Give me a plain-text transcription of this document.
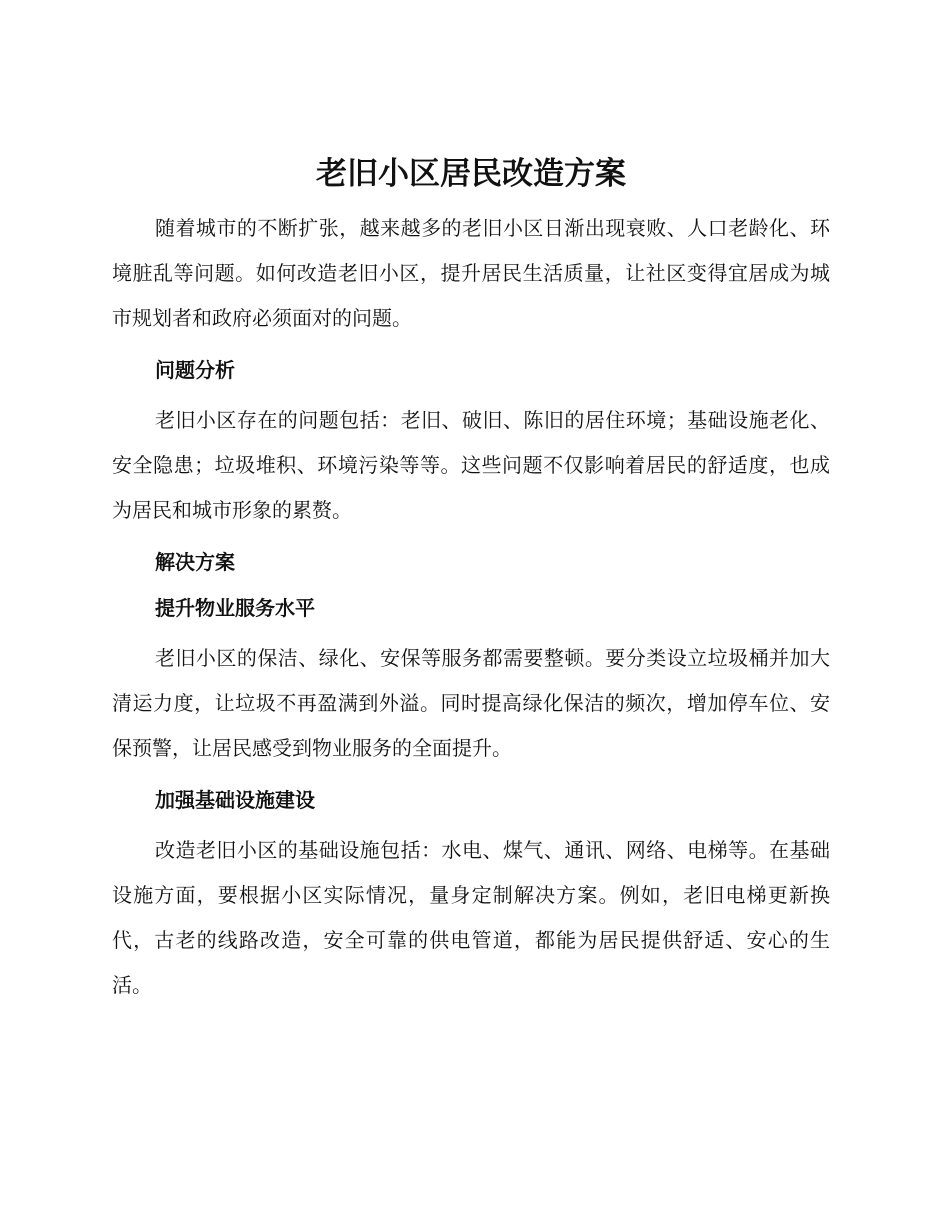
老旧小区居民改造方案

随着城市的不断扩张，越来越多的老旧小区日渐出现衰败、人口老龄化、环境脏乱等问题。如何改造老旧小区，提升居民生活质量，让社区变得宜居成为城市规划者和政府必须面对的问题。

问题分析

老旧小区存在的问题包括：老旧、破旧、陈旧的居住环境；基础设施老化、安全隐患；垃圾堆积、环境污染等等。这些问题不仅影响着居民的舒适度，也成为居民和城市形象的累赘。

解决方案
提升物业服务水平

老旧小区的保洁、绿化、安保等服务都需要整顿。要分类设立垃圾桶并加大清运力度，让垃圾不再盈满到外溢。同时提高绿化保洁的频次，增加停车位、安保预警，让居民感受到物业服务的全面提升。

加强基础设施建设

改造老旧小区的基础设施包括：水电、煤气、通讯、网络、电梯等。在基础设施方面，要根据小区实际情况，量身定制解决方案。例如，老旧电梯更新换代，古老的线路改造，安全可靠的供电管道，都能为居民提供舒适、安心的生活。
